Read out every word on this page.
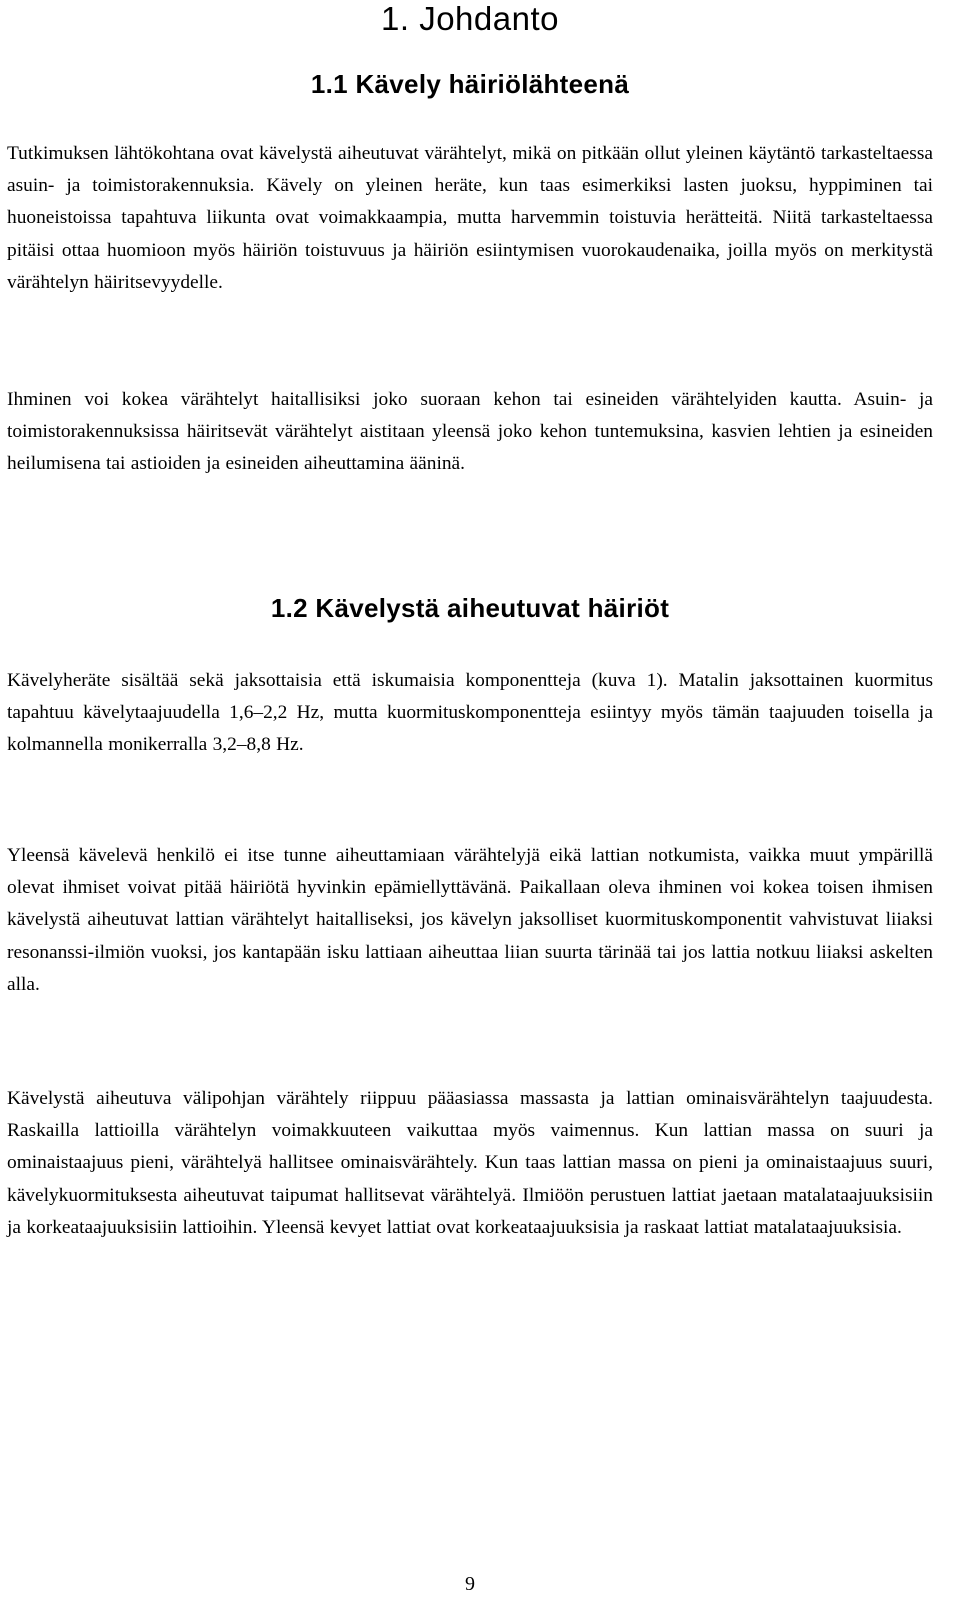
1. Johdanto
1.1 Kävely häiriölähteenä

Tutkimuksen lähtökohtana ovat kävelystä aiheutuvat värähtelyt, mikä on pitkään ollut yleinen käytäntö tarkasteltaessa asuin- ja toimistorakennuksia. Kävely on yleinen heräte, kun taas esimerkiksi lasten juoksu, hyppiminen tai huoneistoissa tapahtuva liikunta ovat voimakkaampia, mutta harvemmin toistuvia herätteitä. Niitä tarkasteltaessa pitäisi ottaa huomioon myös häiriön toistuvuus ja häiriön esiintymisen vuorokaudenaika, joilla myös on merkitystä värähtelyn häiritsevyydelle.

Ihminen voi kokea värähtelyt haitallisiksi joko suoraan kehon tai esineiden värähtelyiden kautta. Asuin- ja toimistorakennuksissa häiritsevät värähtelyt aistitaan yleensä joko kehon tuntemuksina, kasvien lehtien ja esineiden heilumisena tai astioiden ja esineiden aiheuttamina ääninä.

1.2 Kävelystä aiheutuvat häiriöt

Kävelyheräte sisältää sekä jaksottaisia että iskumaisia komponentteja (kuva 1). Matalin jaksottainen kuormitus tapahtuu kävelytaajuudella 1,6–2,2 Hz, mutta kuormituskomponentteja esiintyy myös tämän taajuuden toisella ja kolmannella monikerralla 3,2–8,8 Hz.

Yleensä kävelevä henkilö ei itse tunne aiheuttamiaan värähtelyjä eikä lattian notkumista, vaikka muut ympärillä olevat ihmiset voivat pitää häiriötä hyvinkin epämiellyttävänä. Paikallaan oleva ihminen voi kokea toisen ihmisen kävelystä aiheutuvat lattian värähtelyt haitalliseksi, jos kävelyn jaksolliset kuormituskomponentit vahvistuvat liiaksi resonanssi-ilmiön vuoksi, jos kantapään isku lattiaan aiheuttaa liian suurta tärinää tai jos lattia notkuu liiaksi askelten alla.

Kävelystä aiheutuva välipohjan värähtely riippuu pääasiassa massasta ja lattian ominaisvärähtelyn taajuudesta. Raskailla lattioilla värähtelyn voimakkuuteen vaikuttaa myös vaimennus. Kun lattian massa on suuri ja ominaistaajuus pieni, värähtelyä hallitsee ominaisvärähtely. Kun taas lattian massa on pieni ja ominaistaajuus suuri, kävelykuormituksesta aiheutuvat taipumat hallitsevat värähtelyä. Ilmiöön perustuen lattiat jaetaan matalataajuuksisiin ja korkeataajuuksisiin lattioihin. Yleensä kevyet lattiat ovat korkeataajuuksisia ja raskaat lattiat matalataajuuksisia.

9
